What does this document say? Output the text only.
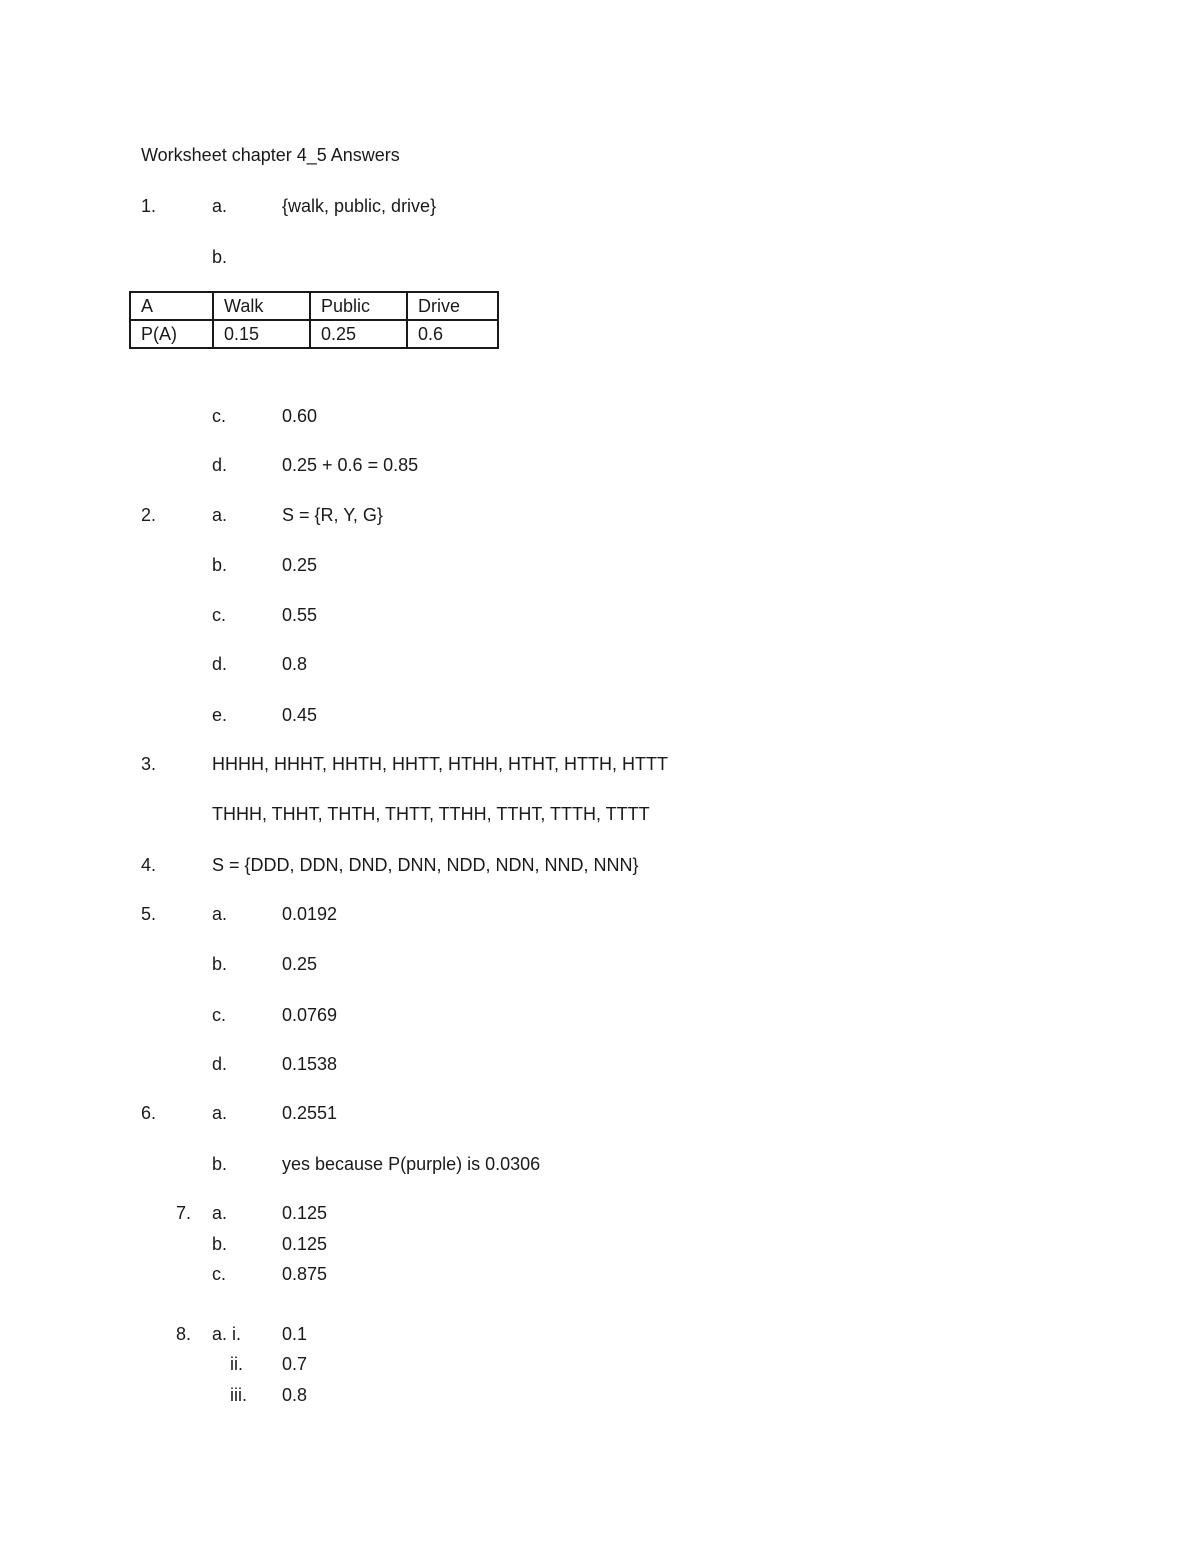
Worksheet chapter 4_5 Answers
1.	a.	{walk, public, drive}
b.
A	Walk	Public	Drive
P(A)	0.15	0.25	0.6
c.	0.60
d.	0.25 + 0.6 = 0.85
2.	a.	S = {R, Y, G}
b.	0.25
c.	0.55
d.	0.8
e.	0.45
3.	HHHH, HHHT, HHTH, HHTT, HTHH, HTHT, HTTH, HTTT
THHH, THHT, THTH, THTT, TTHH, TTHT, TTTH, TTTT
4.	S = {DDD, DDN, DND, DNN, NDD, NDN, NND, NNN}
5.	a.	0.0192
b.	0.25
c.	0.0769
d.	0.1538
6.	a.	0.2551
b.	yes because P(purple) is 0.0306
7. a.	0.125
b.	0.125
c.	0.875
8. a. i. 0.1
ii. 0.7
iii. 0.8
